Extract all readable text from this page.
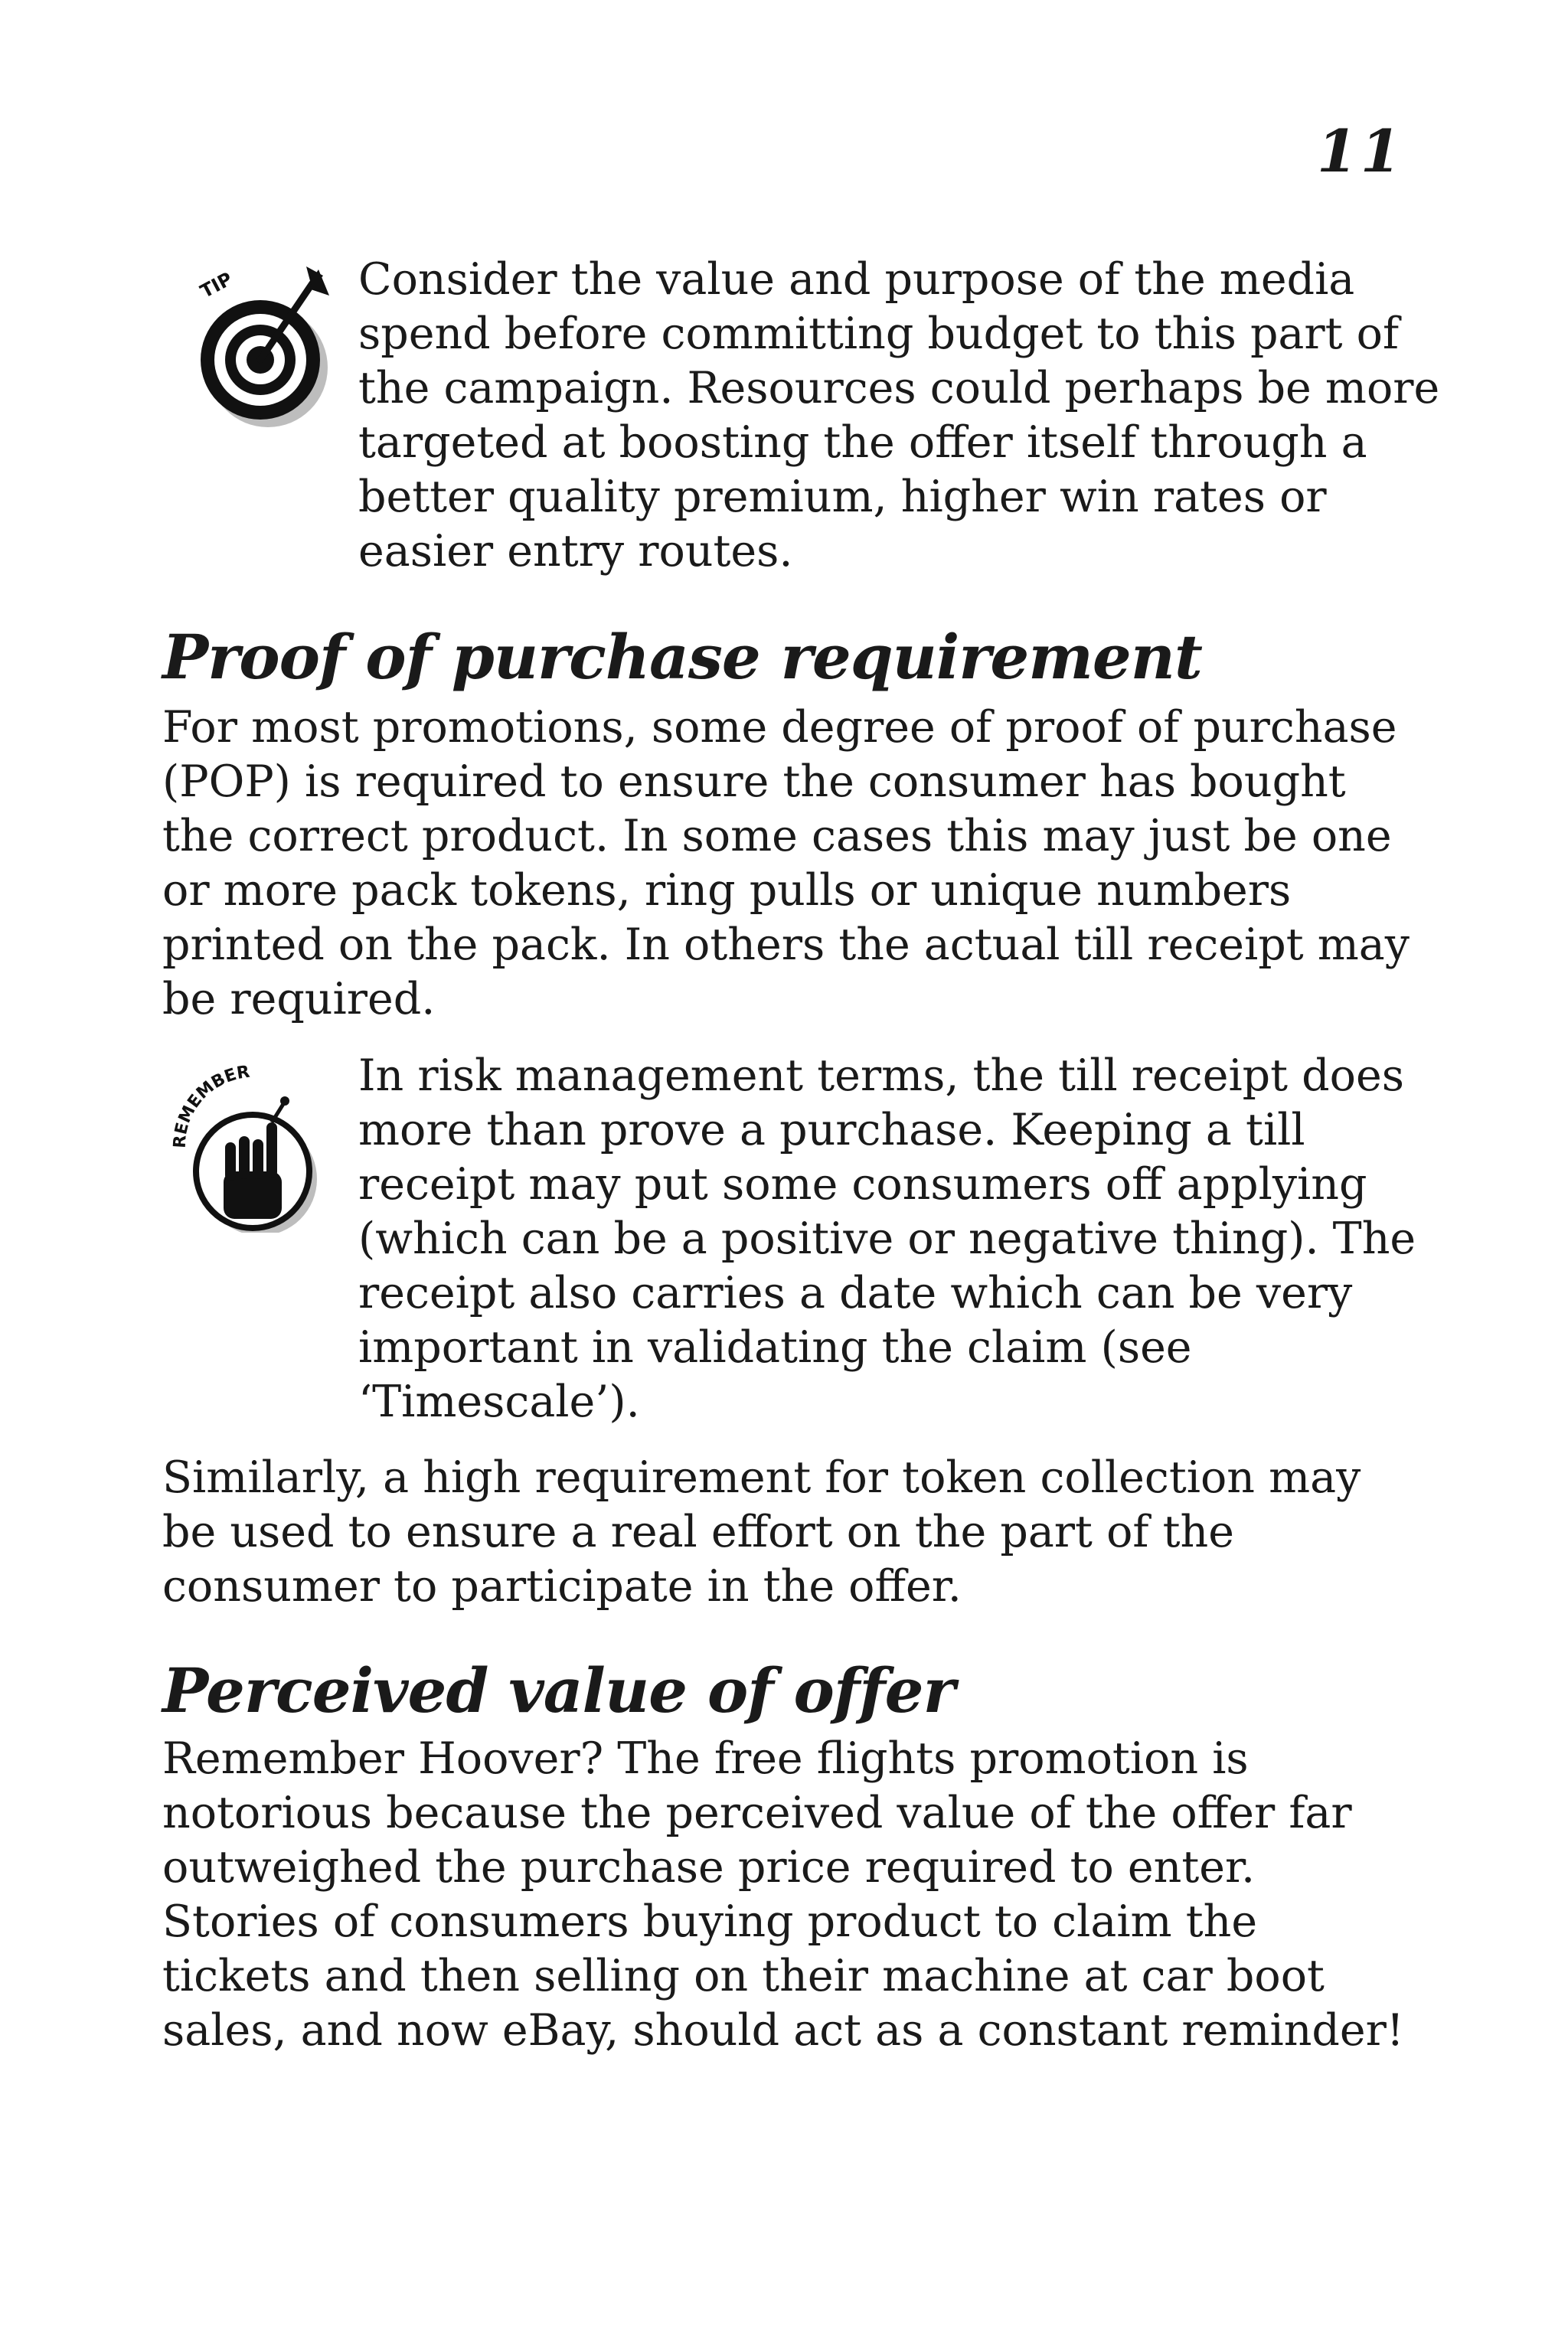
11
TIP	Consider the value and purpose of the media spend before committing budget to this part of the campaign. Resources could perhaps be more targeted at boosting the offer itself through a better quality premium, higher win rates or easier entry routes.
Proof of purchase requirement
For most promotions, some degree of proof of purchase (POP) is required to ensure the consumer has bought the correct product. In some cases this may just be one or more pack tokens, ring pulls or unique numbers printed on the pack. In others the actual till receipt may be required.
REMEMBER In risk management terms, the till receipt does more than prove a purchase. Keeping a till receipt may put some consumers off applying (which can be a positive or negative thing). The receipt also carries a date which can be very important in validating the claim (see ‘Timescale’).
Similarly, a high requirement for token collection may be used to ensure a real effort on the part of the consumer to participate in the offer.
Perceived value of offer
Remember Hoover? The free flights promotion is notorious because the perceived value of the offer far outweighed the purchase price required to enter. Stories of consumers buying product to claim the tickets and then selling on their machine at car boot sales, and now eBay, should act as a constant reminder!
